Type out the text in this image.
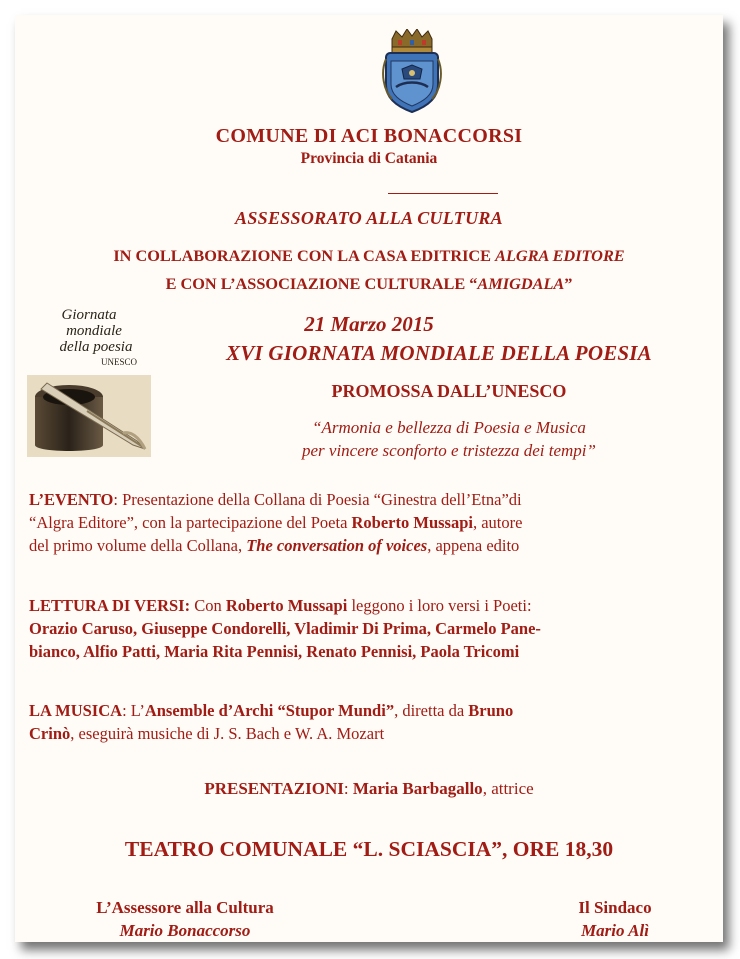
COMUNE DI ACI BONACCORSI
Provincia di Catania
ASSESSORATO ALLA CULTURA
IN COLLABORAZIONE CON LA CASA EDITRICE ALGRA EDITORE
E CON L’ASSOCIAZIONE CULTURALE “AMIGDALA”
Giornata
mondiale
della poesia
UNESCO
21 Marzo 2015
XVI GIORNATA MONDIALE DELLA POESIA
PROMOSSA DALL’UNESCO
“Armonia e bellezza di Poesia e Musica
per vincere sconforto e tristezza dei tempi”
L’EVENTO: Presentazione della Collana di Poesia “Ginestra dell’Etna”di
“Algra Editore”, con la partecipazione del Poeta Roberto Mussapi, autore
del primo volume della Collana, The conversation of voices, appena edito
LETTURA DI VERSI: Con Roberto Mussapi leggono i loro versi i Poeti:
Orazio Caruso, Giuseppe Condorelli, Vladimir Di Prima, Carmelo Pane-
bianco, Alfio Patti, Maria Rita Pennisi, Renato Pennisi, Paola Tricomi
LA MUSICA: L’Ansemble d’Archi “Stupor Mundi”, diretta da Bruno
Crinò, eseguirà musiche di J. S. Bach e W. A. Mozart
PRESENTAZIONI: Maria Barbagallo, attrice
TEATRO COMUNALE “L. SCIASCIA”, ORE 18,30
L’Assessore alla Cultura
Mario Bonaccorso
Il Sindaco
Mario Alì
